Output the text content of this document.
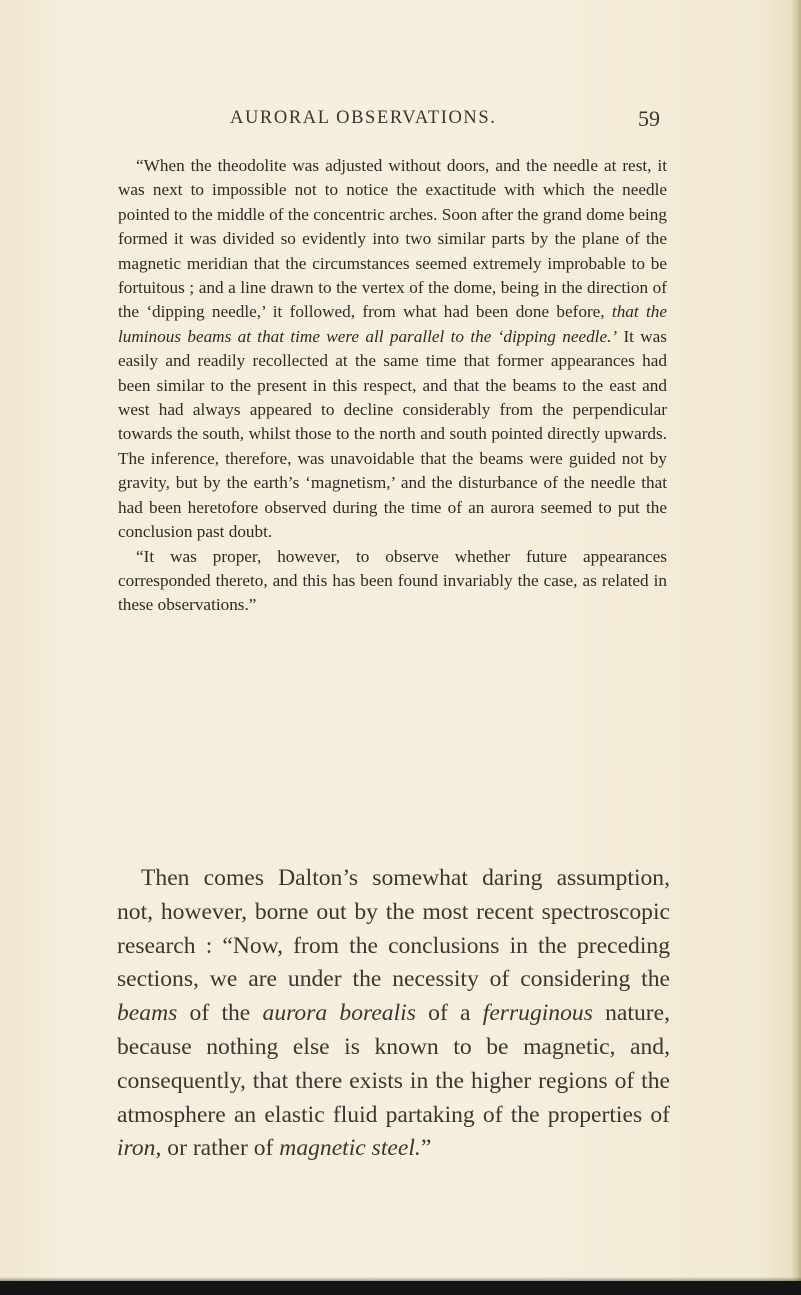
AURORAL OBSERVATIONS.	59

“When the theodolite was adjusted without doors, and the needle at rest, it was next to impossible not to notice the exactitude with which the needle pointed to the middle of the concentric arches. Soon after the grand dome being formed it was divided so evidently into two similar parts by the plane of the magnetic meridian that the circumstances seemed extremely improbable to be fortuitous ; and a line drawn to the vertex of the dome, being in the direction of the ‘dipping needle,’ it followed, from what had been done before, that the luminous beams at that time were all parallel to the ‘dipping needle.’ It was easily and readily recollected at the same time that former appearances had been similar to the present in this respect, and that the beams to the east and west had always appeared to decline considerably from the perpendicular towards the south, whilst those to the north and south pointed directly upwards. The inference, therefore, was unavoidable that the beams were guided not by gravity, but by the earth’s ‘magnetism,’ and the disturbance of the needle that had been heretofore observed during the time of an aurora seemed to put the conclusion past doubt.

“It was proper, however, to observe whether future appearances corresponded thereto, and this has been found invariably the case, as related in these observations.”

Then comes Dalton’s somewhat daring assumption, not, however, borne out by the most recent spectroscopic research : “Now, from the conclusions in the preceding sections, we are under the necessity of considering the beams of the aurora borealis of a ferruginous nature, because nothing else is known to be magnetic, and, consequently, that there exists in the higher regions of the atmosphere an elastic fluid partaking of the properties of iron, or rather of magnetic steel.”
